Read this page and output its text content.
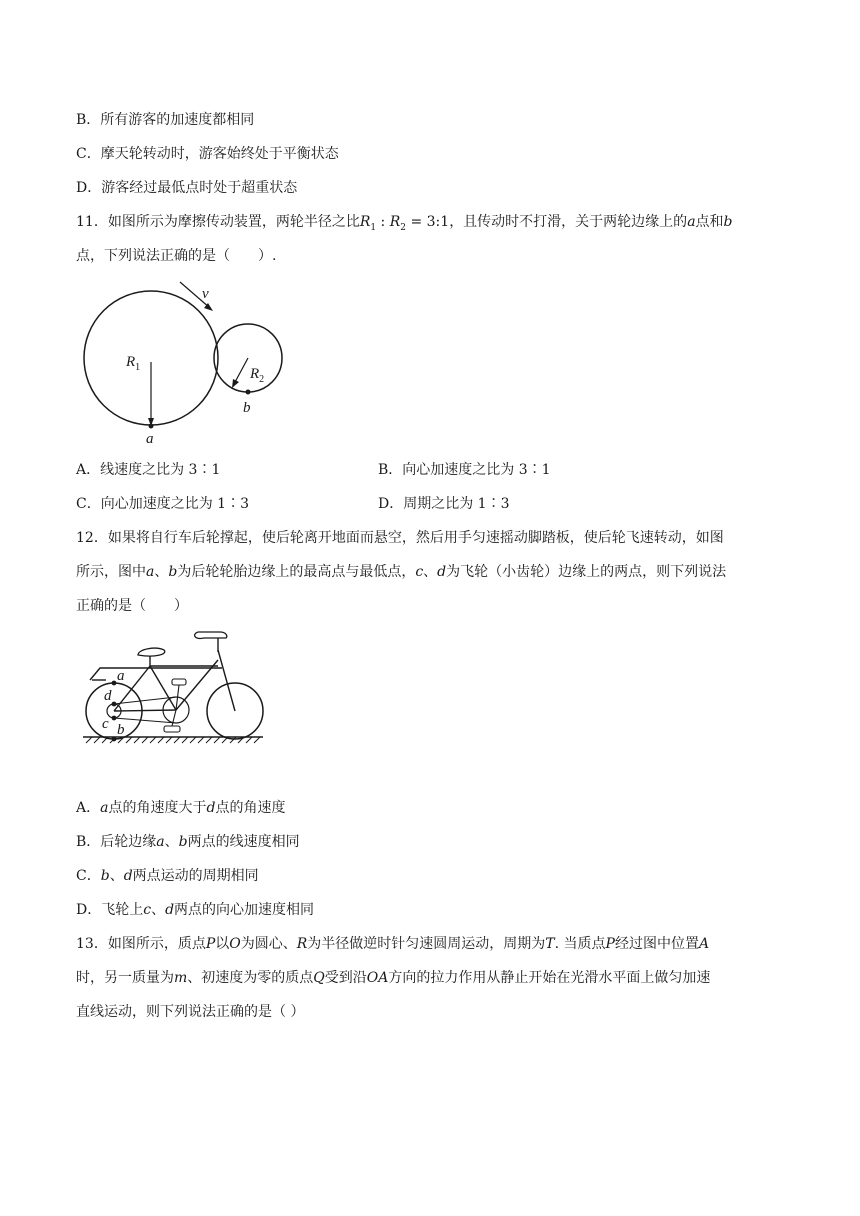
B．所有游客的加速度都相同
C．摩天轮转动时，游客始终处于平衡状态
D．游客经过最低点时处于超重状态
11．如图所示为摩擦传动装置，两轮半径之比$R_1$ : $R_2$ = 3:1，且传动时不打滑，关于两轮边缘上的a点和b
点，下列说法正确的是（　　）.
$R_1$
a
$R_2$
b
v
A．线速度之比为 3∶1	B．向心加速度之比为 3∶1
C．向心加速度之比为 1∶3	D．周期之比为 1∶3
12．如果将自行车后轮撑起，使后轮离开地面而悬空，然后用手匀速摇动脚踏板，使后轮飞速转动，如图
所示，图中a、b为后轮轮胎边缘上的最高点与最低点，c、d为飞轮（小齿轮）边缘上的两点，则下列说法
正确的是（　　）
a
d
c b
A．a点的角速度大于d点的角速度
B．后轮边缘a、b两点的线速度相同
C．b、d两点运动的周期相同
D．飞轮上c、d两点的向心加速度相同
13．如图所示，质点P以O为圆心、R为半径做逆时针匀速圆周运动，周期为T. 当质点P经过图中位置A
时，另一质量为m、初速度为零的质点Q受到沿OA方向的拉力作用从静止开始在光滑水平面上做匀加速
直线运动，则下列说法正确的是（ ）
